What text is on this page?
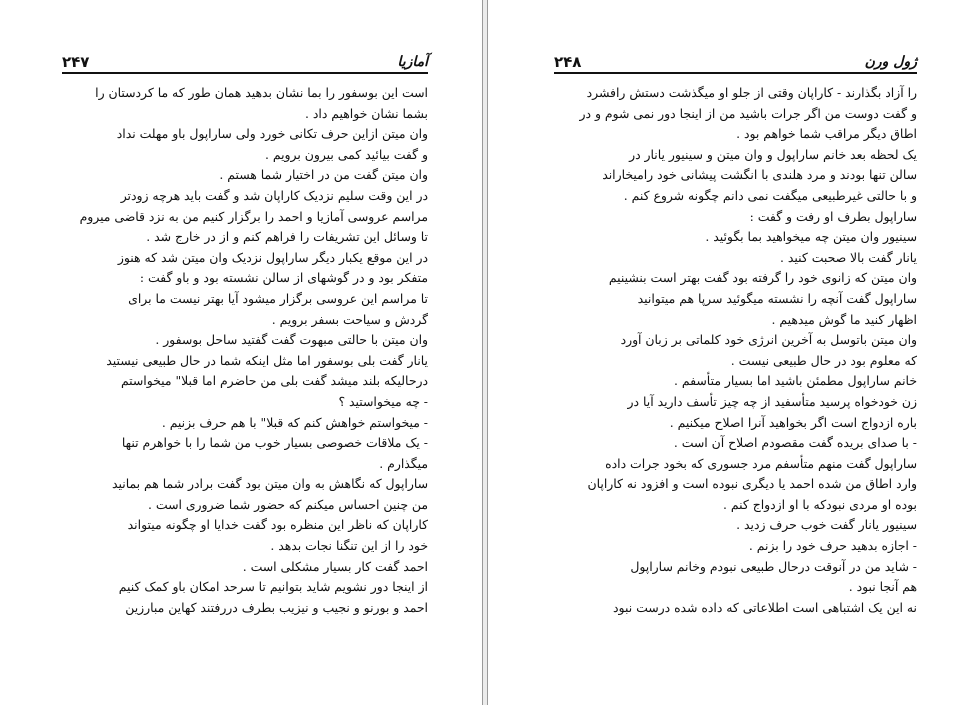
۲۴۷	آمازیا
است این بوسفور را بما نشان بدهید همان طور که ما کردستان را
بشما نشان خواهیم داد .
وان میتن ازاین حرف تکانی خورد ولی ساراپول باو مهلت نداد
و گفت بیائید کمی بیرون برویم .
وان میتن گفت من در اختیار شما هستم .
در این وقت سلیم نزدیک کاراپان شد و گفت باید هرچه زودتر
مراسم عروسی آمازیا و احمد را برگزار کنیم من به نزد قاضی میروم
تا وسائل این تشریفات را فراهم کنم و از در خارج شد .
در این موقع یکبار دیگر ساراپول نزدیک وان میتن شد که هنوز
متفکر بود و در گوشهای از سالن نشسته بود و باو گفت :
تا مراسم این عروسی برگزار میشود آیا بهتر نیست ما برای
گردش و سیاحت بسفر برویم .
وان میتن با حالتی مبهوت گفت گفتید ساحل بوسفور .
یانار گفت بلی بوسفور اما مثل اینکه شما در حال طبیعی نیستید
درحالیکه بلند میشد گفت بلی من حاضرم اما قبلا" میخواستم
- چه میخواستید ؟
- میخواستم خواهش کنم که قبلا" با هم حرف بزنیم .
- یک ملاقات خصوصی بسیار خوب من شما را با خواهرم تنها
میگذارم .
ساراپول که نگاهش به وان میتن بود گفت برادر شما هم بمانید
من چنین احساس میکنم که حضور شما ضروری است .
کاراپان که ناظر این منظره بود گفت خدایا او چگونه میتواند
خود را از این تنگنا نجات بدهد .
احمد گفت کار بسیار مشکلی است .
از اینجا دور نشویم شاید بتوانیم تا سرحد امکان باو کمک کنیم
احمد و بورنو و نجیب و نیزیب بطرف دررفتند کهاین مبارزین
۲۴۸	ژول ورن
را آزاد بگذارند - کاراپان وقتی از جلو او میگذشت دستش رافشرد
و گفت دوست من اگر جرات باشید من از اینجا دور نمی شوم و در
اطاق دیگر مراقب شما خواهم بود .
یک لحظه بعد خانم ساراپول و وان میتن و سینیور یانار در
سالن تنها بودند و مرد هلندی با انگشت پیشانی خود رامیخاراند
و با حالتی غیرطبیعی میگفت نمی دانم چگونه شروع کنم .
ساراپول بطرف او رفت و گفت :
سینیور وان میتن چه میخواهید بما بگوئید .
یانار گفت بالا صحبت کنید .
وان میتن که زانوی خود را گرفته بود گفت بهتر است بنشینیم
ساراپول گفت آنچه را نشسته میگوئید سرپا هم میتوانید
اظهار کنید ما گوش میدهیم .
وان میتن باتوسل به آخرین انرژی خود کلماتی بر زبان آورد
که معلوم بود در حال طبیعی نیست .
خانم ساراپول مطمئن باشید اما بسیار متأسفم .
زن خودخواه پرسید متأسفید از چه چیز تأسف دارید آیا در
باره ازدواج است اگر بخواهید آنرا اصلاح میکنیم .
- با صدای بریده گفت مقصودم اصلاح آن است .
ساراپول گفت منهم متأسفم مرد جسوری که بخود جرات داده
وارد اطاق من شده احمد یا دیگری نبوده است و افزود نه کاراپان
بوده او مردی نبودکه با او ازدواج کنم .
سینیور یانار گفت خوب حرف زدید .
- اجازه بدهید حرف خود را بزنم .
- شاید من در آنوقت درحال طبیعی نبودم وخانم ساراپول
هم آنجا نبود .
نه این یک اشتباهی است اطلاعاتی که داده شده درست نبود
